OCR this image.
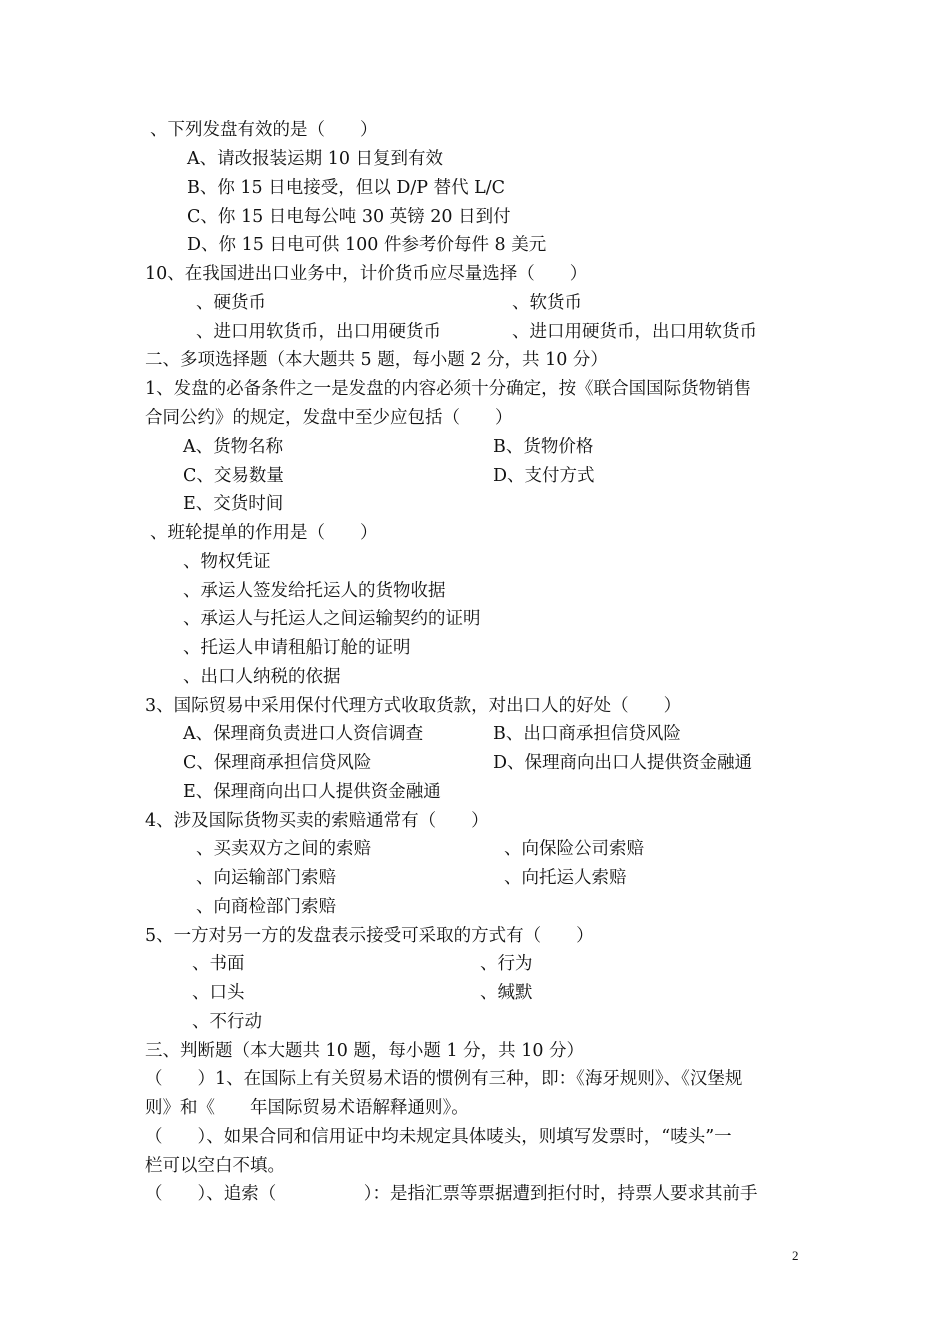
、下列发盘有效的是（　　）
A、请改报装运期 10 日复到有效
B、你 15 日电接受，但以 D/P 替代 L/C
C、你 15 日电每公吨 30 英镑 20 日到付
D、你 15 日电可供 100 件参考价每件 8 美元
10、在我国进出口业务中，计价货币应尽量选择（　　）
、硬货币	、软货币
、进口用软货币，出口用硬货币	、进口用硬货币，出口用软货币
二、多项选择题（本大题共 5 题，每小题 2 分，共 10 分）
1、发盘的必备条件之一是发盘的内容必须十分确定，按《联合国国际货物销售
合同公约》的规定，发盘中至少应包括（　　）
A、货物名称	B、货物价格
C、交易数量	D、支付方式
E、交货时间
、班轮提单的作用是（　　）
、物权凭证
、承运人签发给托运人的货物收据
、承运人与托运人之间运输契约的证明
、托运人申请租船订舱的证明
、出口人纳税的依据
3、国际贸易中采用保付代理方式收取货款，对出口人的好处（　　）
A、保理商负责进口人资信调查	B、出口商承担信贷风险
C、保理商承担信贷风险	D、保理商向出口人提供资金融通
E、保理商向出口人提供资金融通
4、涉及国际货物买卖的索赔通常有（　　）
、买卖双方之间的索赔	、向保险公司索赔
、向运输部门索赔	、向托运人索赔
、向商检部门索赔
5、一方对另一方的发盘表示接受可采取的方式有（　　）
、书面	、行为
、口头	、缄默
、不行动
三、判断题（本大题共 10 题，每小题 1 分，共 10 分）
（　　）1、在国际上有关贸易术语的惯例有三种，即：《海牙规则》、《汉堡规
则》和《　　年国际贸易术语解释通则》。
（　　）、如果合同和信用证中均未规定具体唛头，则填写发票时，“唛头”一
栏可以空白不填。
（　　）、追索（　　　　　）：是指汇票等票据遭到拒付时，持票人要求其前手
2
